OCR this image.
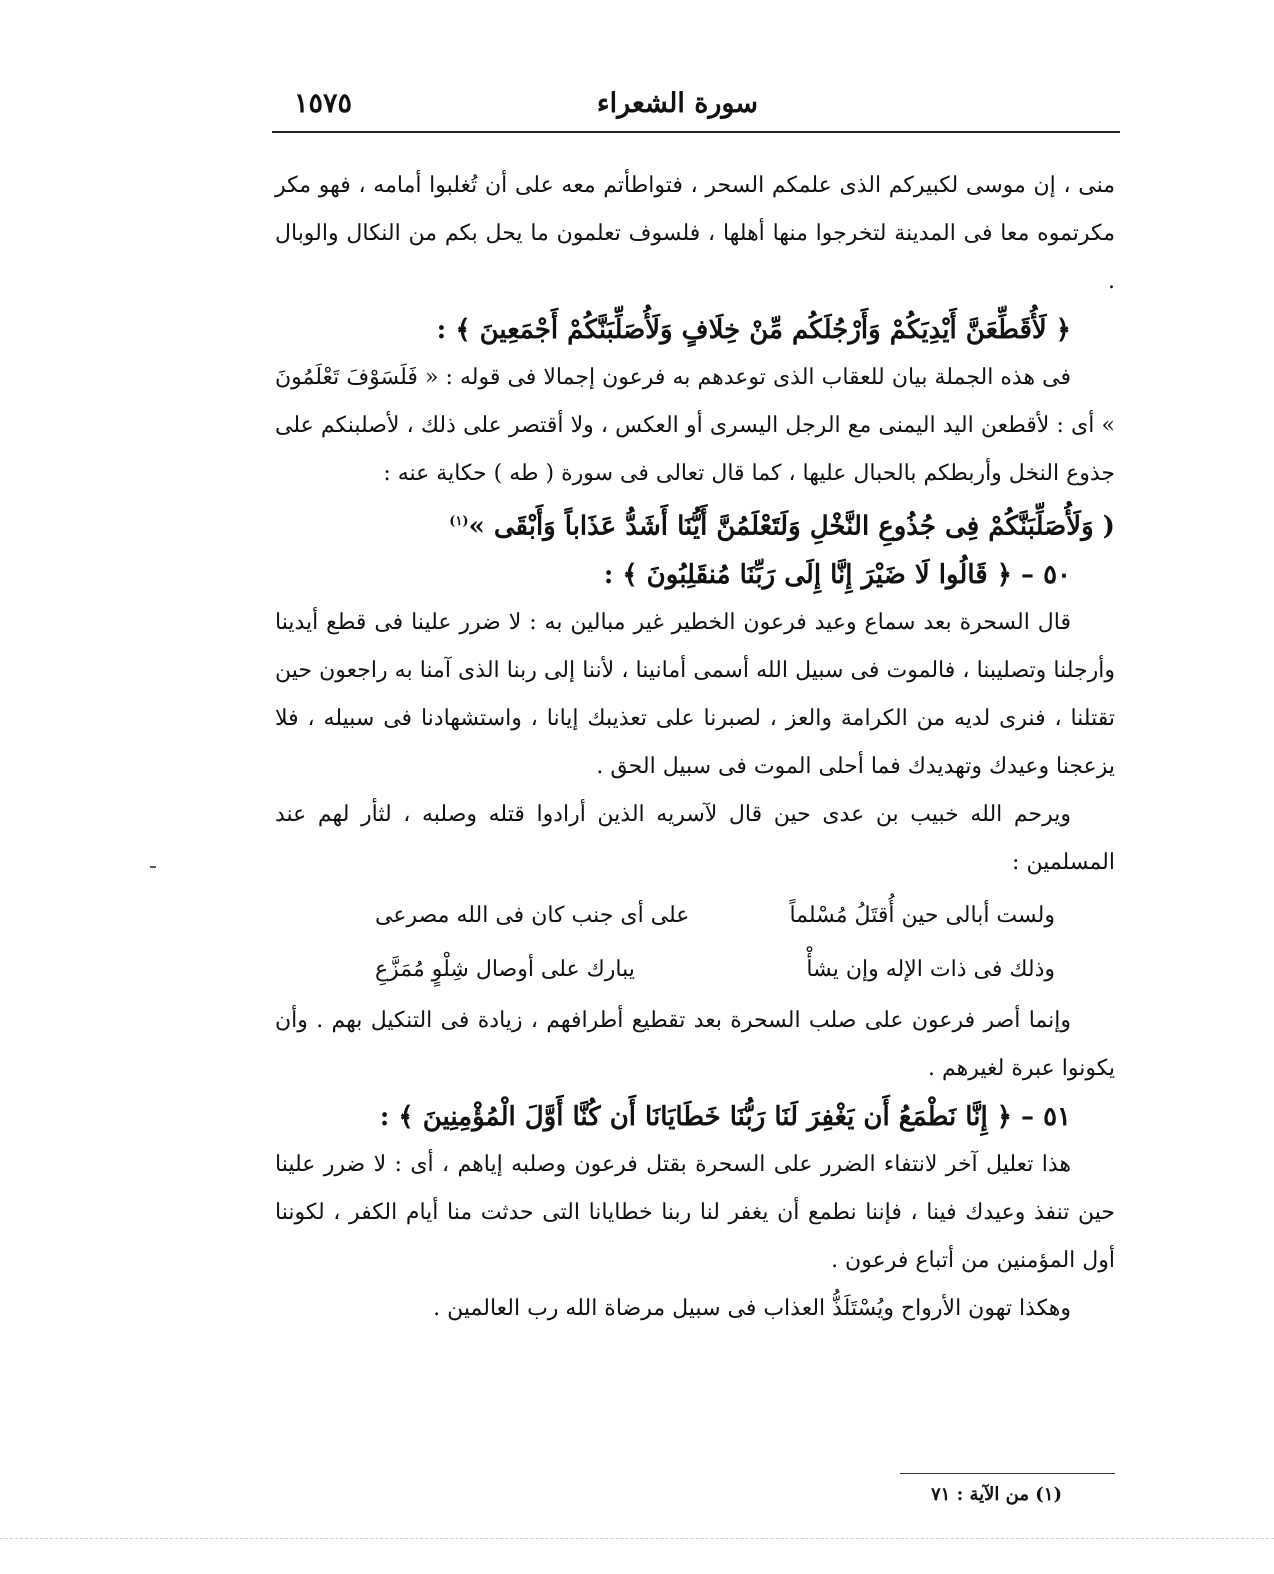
سورة الشعراء
١٥٧٥

منى ، إن موسى لكبيركم الذى علمكم السحر ، فتواطأتم معه على أن تُغلبوا أمامه ، فهو مكر مكرتموه معا فى المدينة لتخرجوا منها أهلها ، فلسوف تعلمون ما يحل بكم من النكال والوبال .

﴿ لَأُقَطِّعَنَّ أَيْدِيَكُمْ وَأَرْجُلَكُم مِّنْ خِلَافٍ وَلَأُصَلِّبَنَّكُمْ أَجْمَعِينَ ﴾ :

فى هذه الجملة بيان للعقاب الذى توعدهم به فرعون إجمالا فى قوله : « فَلَسَوْفَ تَعْلَمُونَ » أى : لأقطعن اليد اليمنى مع الرجل اليسرى أو العكس ، ولا أقتصر على ذلك ، لأصلبنكم على جذوع النخل وأربطكم بالحبال عليها ، كما قال تعالى فى سورة ( طه ) حكاية عنه :

( وَلَأُصَلِّبَنَّكُمْ فِى جُذُوعِ النَّخْلِ وَلَتَعْلَمُنَّ أَيُّنَا أَشَدُّ عَذَاباً وَأَبْقَى »$^{(١)}$

٥٠ – ﴿ قَالُوا لَا ضَيْرَ إِنَّا إِلَى رَبِّنَا مُنقَلِبُونَ ﴾ :

قال السحرة بعد سماع وعيد فرعون الخطير غير مبالين به : لا ضرر علينا فى قطع أيدينا وأرجلنا وتصليبنا ، فالموت فى سبيل الله أسمى أمانينا ، لأننا إلى ربنا الذى آمنا به راجعون حين تقتلنا ، فنرى لديه من الكرامة والعز ، لصبرنا على تعذيبك إيانا ، واستشهادنا فى سبيله ، فلا يزعجنا وعيدك وتهديدك فما أحلى الموت فى سبيل الحق .

ويرحم الله خبيب بن عدى حين قال لآسريه الذين أرادوا قتله وصلبه ، لثأر لهم عند المسلمين :

ولست أبالى حين أُقتَلُ مُسْلماً
على أى جنب كان فى الله مصرعى
وذلك فى ذات الإله وإن يشأْ
يبارك على أوصال شِلْوٍ مُمَزَّعِ

وإنما أصر فرعون على صلب السحرة بعد تقطيع أطرافهم ، زيادة فى التنكيل بهم . وأن يكونوا عبرة لغيرهم .

٥١ – ﴿ إِنَّا نَطْمَعُ أَن يَغْفِرَ لَنَا رَبُّنَا خَطَايَانَا أَن كُنَّا أَوَّلَ الْمُؤْمِنِينَ ﴾ :

هذا تعليل آخر لانتفاء الضرر على السحرة بقتل فرعون وصلبه إياهم ، أى : لا ضرر علينا حين تنفذ وعيدك فينا ، فإننا نطمع أن يغفر لنا ربنا خطايانا التى حدثت منا أيام الكفر ، لكوننا أول المؤمنين من أتباع فرعون .

وهكذا تهون الأرواح ويُسْتَلَذُّ العذاب فى سبيل مرضاة الله رب العالمين .

(١) من الآية : ٧١
